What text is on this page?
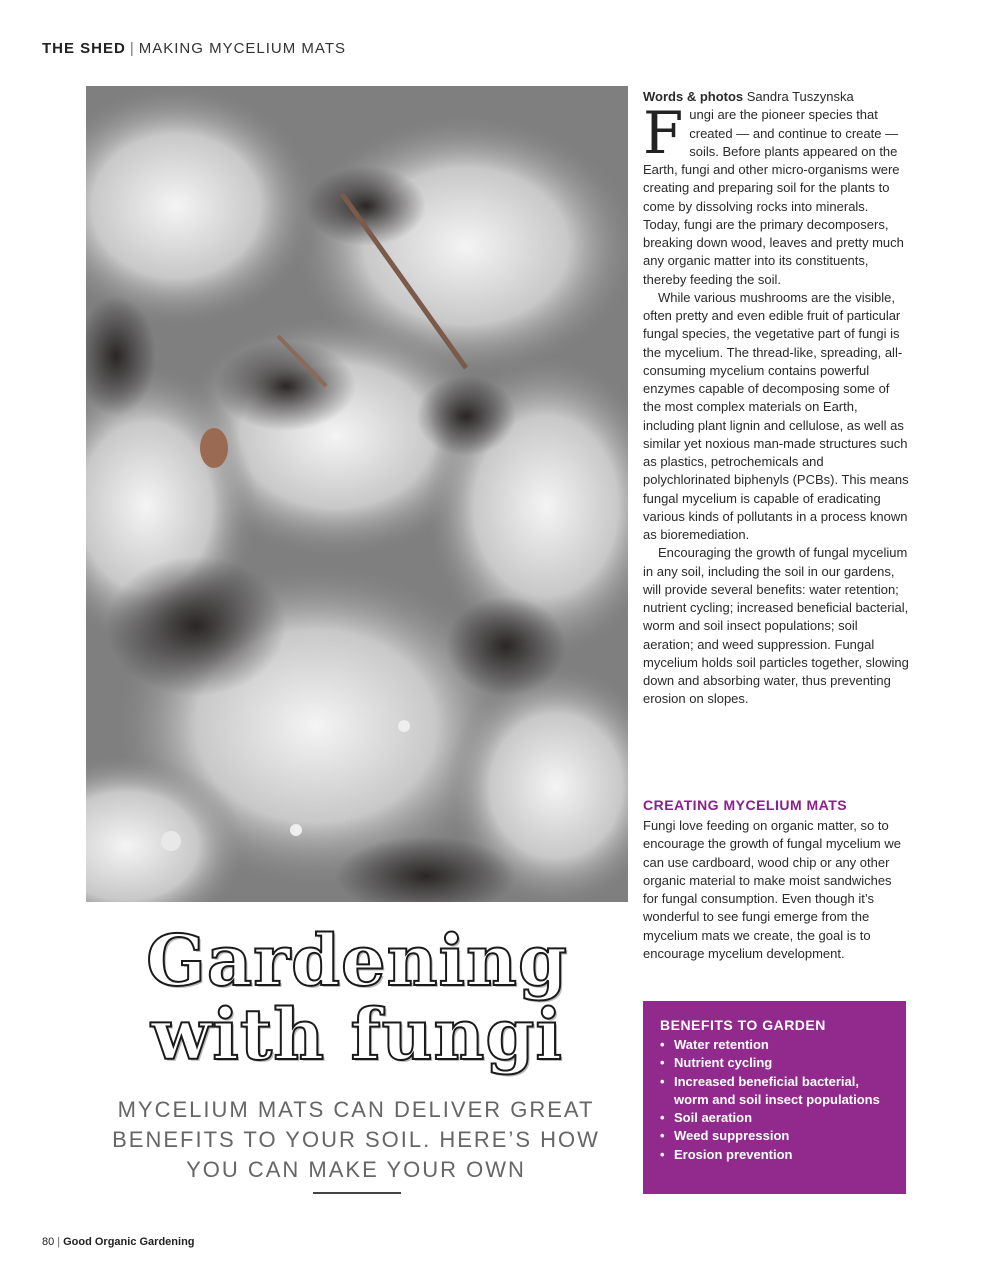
THE SHED | MAKING MYCELIUM MATS
Gardening
with fungi
MYCELIUM MATS CAN DELIVER GREAT BENEFITS TO YOUR SOIL. HERE’S HOW YOU CAN MAKE YOUR OWN
Words & photos Sandra Tuszynska

Fungi are the pioneer species that created — and continue to create —soils. Before plants appeared on the Earth, fungi and other micro-organisms were creating and preparing soil for the plants to come by dissolving rocks into minerals. Today, fungi are the primary decomposers, breaking down wood, leaves and pretty much any organic matter into its constituents, thereby feeding the soil.

While various mushrooms are the visible, often pretty and even edible fruit of particular fungal species, the vegetative part of fungi is the mycelium. The thread-like, spreading, all-consuming mycelium contains powerful enzymes capable of decomposing some of the most complex materials on Earth, including plant lignin and cellulose, as well as similar yet noxious man-made structures such as plastics, petrochemicals and polychlorinated biphenyls (PCBs). This means fungal mycelium is capable of eradicating various kinds of pollutants in a process known as bioremediation.

Encouraging the growth of fungal mycelium in any soil, including the soil in our gardens, will provide several benefits: water retention; nutrient cycling; increased beneficial bacterial, worm and soil insect populations; soil aeration; and weed suppression. Fungal mycelium holds soil particles together, slowing down and absorbing water, thus preventing erosion on slopes.

CREATING MYCELIUM MATS

Fungi love feeding on organic matter, so to encourage the growth of fungal mycelium we can use cardboard, wood chip or any other organic material to make moist sandwiches for fungal consumption. Even though it’s wonderful to see fungi emerge from the mycelium mats we create, the goal is to encourage mycelium development.

BENEFITS TO GARDEN
• Water retention
• Nutrient cycling
• Increased beneficial bacterial, worm and soil insect populations
• Soil aeration
• Weed suppression
• Erosion prevention
80 | Good Organic Gardening
